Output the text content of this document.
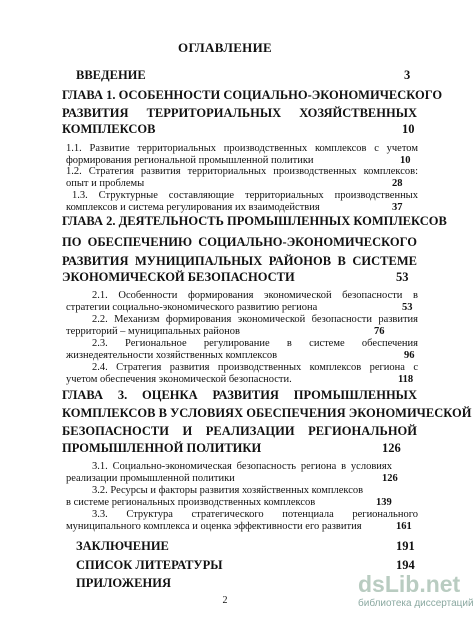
ОГЛАВЛЕНИЕ
ВВЕДЕНИЕ	3
ГЛАВА 1. ОСОБЕННОСТИ СОЦИАЛЬНО-ЭКОНОМИЧЕСКОГО
РАЗВИТИЯ ТЕРРИТОРИАЛЬНЫХ ХОЗЯЙСТВЕННЫХ
КОМПЛЕКСОВ	10
1.1. Развитие территориальных производственных комплексов с учетом
формирования региональной промышленной политики	10
1.2. Стратегия развития территориальных производственных комплексов:
опыт и проблемы	28
1.3. Структурные составляющие территориальных производственных
комплексов и система регулирования их взаимодействия	37
ГЛАВА 2. ДЕЯТЕЛЬНОСТЬ ПРОМЫШЛЕННЫХ КОМПЛЕКСОВ
ПО ОБЕСПЕЧЕНИЮ СОЦИАЛЬНО-ЭКОНОМИЧЕСКОГО
РАЗВИТИЯ МУНИЦИПАЛЬНЫХ РАЙОНОВ В СИСТЕМЕ
ЭКОНОМИЧЕСКОЙ БЕЗОПАСНОСТИ	53
2.1. Особенности формирования экономической безопасности в
стратегии социально-экономического развитию региона	53
2.2. Механизм формирования экономической безопасности развития
территорий – муниципальных районов	76
2.3. Региональное регулирование в системе обеспечения
жизнедеятельности хозяйственных комплексов	96
2.4. Стратегия развития производственных комплексов региона с
учетом обеспечения экономической безопасности.	118
ГЛАВА 3. ОЦЕНКА РАЗВИТИЯ ПРОМЫШЛЕННЫХ
КОМПЛЕКСОВ В УСЛОВИЯХ ОБЕСПЕЧЕНИЯ ЭКОНОМИЧЕСКОЙ
БЕЗОПАСНОСТИ И РЕАЛИЗАЦИИ РЕГИОНАЛЬНОЙ
ПРОМЫШЛЕННОЙ ПОЛИТИКИ	126
3.1. Социально-экономическая безопасность региона в условиях
реализации промышленной политики	126
3.2. Ресурсы и факторы развития хозяйственных комплексов
в системе региональных производственных комплексов	139
3.3. Структура стратегического потенциала регионального
муниципального комплекса и оценка эффективности его развития	161
ЗАКЛЮЧЕНИЕ	191
СПИСОК ЛИТЕРАТУРЫ	194
ПРИЛОЖЕНИЯ
2
dsLib.net
библиотека диссертаций
